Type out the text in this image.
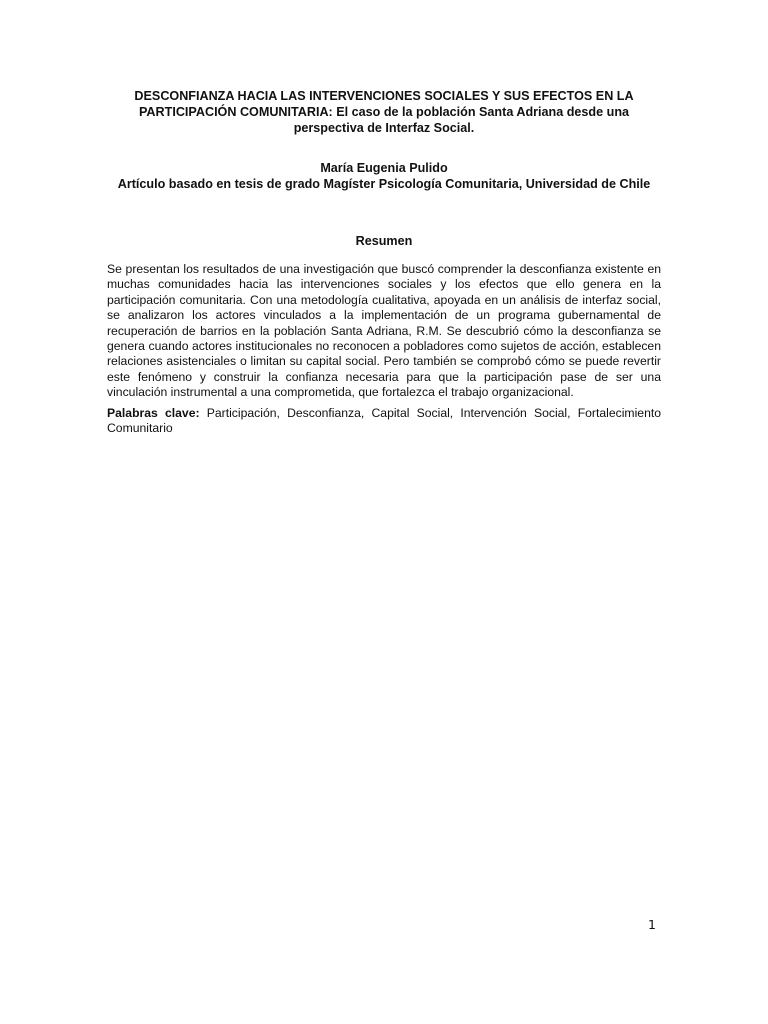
DESCONFIANZA HACIA LAS INTERVENCIONES SOCIALES Y SUS EFECTOS EN LA PARTICIPACIÓN COMUNITARIA: El caso de la población Santa Adriana desde una perspectiva de Interfaz Social.
María Eugenia Pulido
Artículo basado en tesis de grado Magíster Psicología Comunitaria, Universidad de Chile
Resumen

Se presentan los resultados de una investigación que buscó comprender la desconfianza existente en muchas comunidades hacia las intervenciones sociales y los efectos que ello genera en la participación comunitaria. Con una metodología cualitativa, apoyada en un análisis de interfaz social, se analizaron los actores vinculados a la implementación de un programa gubernamental de recuperación de barrios en la población Santa Adriana, R.M. Se descubrió cómo la desconfianza se genera cuando actores institucionales no reconocen a pobladores como sujetos de acción, establecen relaciones asistenciales o limitan su capital social. Pero también se comprobó cómo se puede revertir este fenómeno y construir la confianza necesaria para que la participación pase de ser una vinculación instrumental a una comprometida, que fortalezca el trabajo organizacional.

Palabras clave: Participación, Desconfianza, Capital Social, Intervención Social, Fortalecimiento Comunitario

1
